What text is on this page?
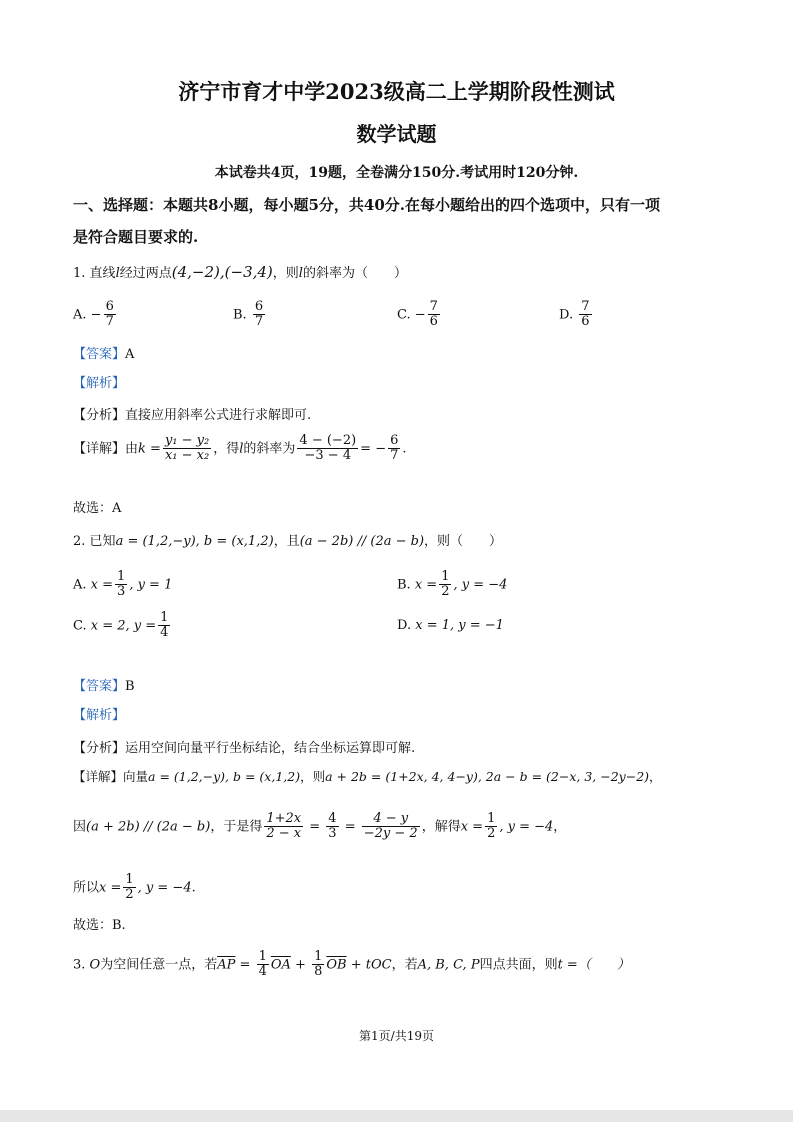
济宁市育才中学2023级高二上学期阶段性测试
数学试题
本试卷共4页，19题，全卷满分150分.考试用时120分钟.
一、选择题：本题共8小题，每小题5分，共40分.在每小题给出的四个选项中，只有一项
是符合题目要求的.
1. 直线l经过两点(4,−2),(−3,4)，则l的斜率为（　　）
A. − $\frac{6}{7}$	B. $\frac{6}{7}$	C. − $\frac{7}{6}$	D. $\frac{7}{6}$
【答案】A
【解析】
【分析】直接应用斜率公式进行求解即可.
【详解】由$k = \frac{\text{y₁ − y₂}}{\text{x₁ − x₂}}$ ，得l的斜率为 $\frac{4 - (-2)}{-3 - 4}$ = − $\frac{6}{7}$ .
故选：A
2. 已知a = (1,2,−y), b = (x,1,2)，且(a − 2b) // (2a − b)，则（　　）
A. $x = \frac{1}{3}$ , y = 1	B. $x = \frac{1}{2}$ , y = −4
C. x = 2, $y = \frac{1}{4}$	D. x = 1, y = −1
【答案】B
【解析】
【分析】运用空间向量平行坐标结论，结合坐标运算即可解.
【详解】向量a = (1,2,−y), b = (x,1,2)，则a + 2b = (1+2x, 4, 4−y), 2a − b = (2−x, 3, −2y−2)，
因(a + 2b) // (2a − b)，于是得 $\frac{1+2x}{2 - x} = \frac{4}{3} = \frac{4 - y}{-2y - 2}$ ，解得$x = \frac{1}{2}$ , y = −4，
所以$x = \frac{1}{2}$ , y = −4.
故选：B.
3. O为空间任意一点，若$\overline{AP} = \frac{1}{4} \overline{OA} + \frac{1}{8} \overline{OB}$ + tOC，若A, B, C, P四点共面，则t =（　　）
第1页/共19页
